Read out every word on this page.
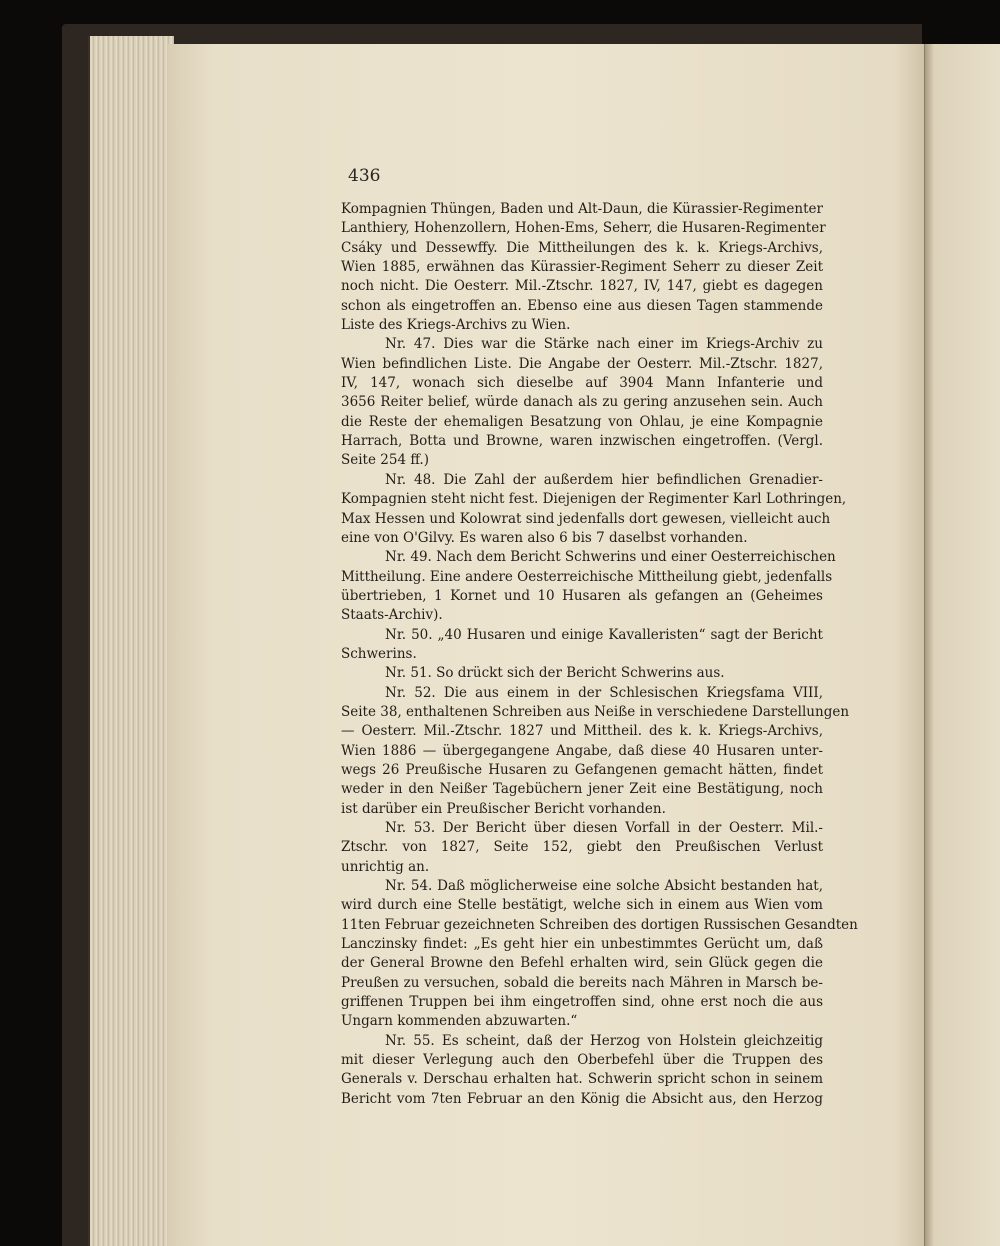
436
Kompagnien Thüngen, Baden und Alt-Daun, die Kürassier-Regimenter
Lanthiery, Hohenzollern, Hohen-Ems, Seherr, die Husaren-Regimenter
Csáky und Dessewffy. Die Mittheilungen des k. k. Kriegs-Archivs,
Wien 1885, erwähnen das Kürassier-Regiment Seherr zu dieser Zeit
noch nicht. Die Oesterr. Mil.-Ztschr. 1827, IV, 147, giebt es dagegen
schon als eingetroffen an. Ebenso eine aus diesen Tagen stammende
Liste des Kriegs-Archivs zu Wien.
Nr. 47. Dies war die Stärke nach einer im Kriegs-Archiv zu
Wien befindlichen Liste. Die Angabe der Oesterr. Mil.-Ztschr. 1827,
IV, 147, wonach sich dieselbe auf 3904 Mann Infanterie und
3656 Reiter belief, würde danach als zu gering anzusehen sein. Auch
die Reste der ehemaligen Besatzung von Ohlau, je eine Kompagnie
Harrach, Botta und Browne, waren inzwischen eingetroffen. (Vergl.
Seite 254 ff.)
Nr. 48. Die Zahl der außerdem hier befindlichen Grenadier-
Kompagnien steht nicht fest. Diejenigen der Regimenter Karl Lothringen,
Max Hessen und Kolowrat sind jedenfalls dort gewesen, vielleicht auch
eine von O'Gilvy. Es waren also 6 bis 7 daselbst vorhanden.
Nr. 49. Nach dem Bericht Schwerins und einer Oesterreichischen
Mittheilung. Eine andere Oesterreichische Mittheilung giebt, jedenfalls
übertrieben, 1 Kornet und 10 Husaren als gefangen an (Geheimes
Staats-Archiv).
Nr. 50. „40 Husaren und einige Kavalleristen“ sagt der Bericht
Schwerins.
Nr. 51. So drückt sich der Bericht Schwerins aus.
Nr. 52. Die aus einem in der Schlesischen Kriegsfama VIII,
Seite 38, enthaltenen Schreiben aus Neiße in verschiedene Darstellungen
— Oesterr. Mil.-Ztschr. 1827 und Mittheil. des k. k. Kriegs-Archivs,
Wien 1886 — übergegangene Angabe, daß diese 40 Husaren unter-
wegs 26 Preußische Husaren zu Gefangenen gemacht hätten, findet
weder in den Neißer Tagebüchern jener Zeit eine Bestätigung, noch
ist darüber ein Preußischer Bericht vorhanden.
Nr. 53. Der Bericht über diesen Vorfall in der Oesterr. Mil.-
Ztschr. von 1827, Seite 152, giebt den Preußischen Verlust
unrichtig an.
Nr. 54. Daß möglicherweise eine solche Absicht bestanden hat,
wird durch eine Stelle bestätigt, welche sich in einem aus Wien vom
11ten Februar gezeichneten Schreiben des dortigen Russischen Gesandten
Lanczinsky findet: „Es geht hier ein unbestimmtes Gerücht um, daß
der General Browne den Befehl erhalten wird, sein Glück gegen die
Preußen zu versuchen, sobald die bereits nach Mähren in Marsch be-
griffenen Truppen bei ihm eingetroffen sind, ohne erst noch die aus
Ungarn kommenden abzuwarten.“
Nr. 55. Es scheint, daß der Herzog von Holstein gleichzeitig
mit dieser Verlegung auch den Oberbefehl über die Truppen des
Generals v. Derschau erhalten hat. Schwerin spricht schon in seinem
Bericht vom 7ten Februar an den König die Absicht aus, den Herzog
